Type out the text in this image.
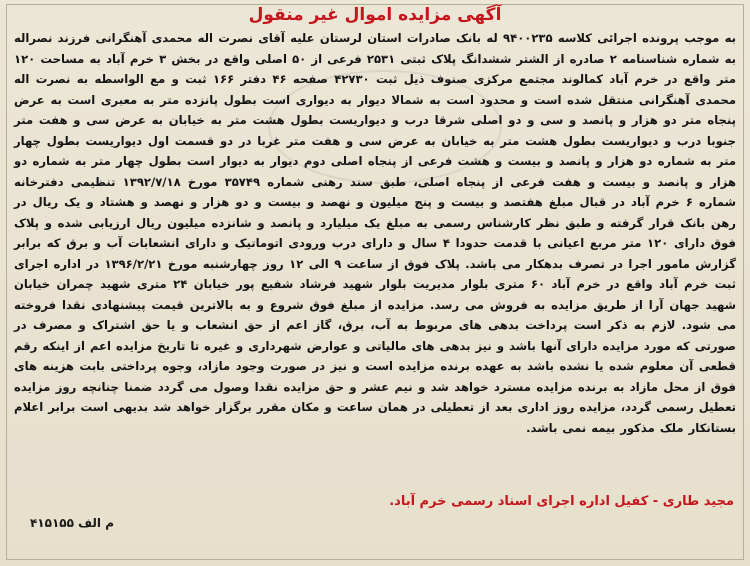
آگهی مزایده اموال غیر منقول
به موجب پرونده اجرائی کلاسه ۹۴۰۰۲۳۵ له بانک صادرات استان لرستان علیه آقای نصرت اله محمدی آهنگرانی فرزند نصراله به شماره شناسنامه ۲ صادره از الشتر ششدانگ پلاک ثبتی ۲۵۳۱ فرعی از ۵۰ اصلی واقع در بخش ۳ خرم آباد به مساحت ۱۲۰ متر واقع در خرم آباد کمالوند مجتمع مرکزی صنوف ذیل ثبت ۴۲۷۳۰ صفحه ۴۶ دفتر ۱۶۶ ثبت و مع الواسطه به نصرت اله محمدی آهنگرانی منتقل شده است و محدود است به شمالا دیوار به دیواری است بطول پانزده متر به معبری است به عرض پنجاه متر دو هزار و پانصد و سی و دو اصلی شرقا درب و دیواریست بطول هشت متر به خیابان به عرض سی و هفت متر جنوبا درب و دیواریست بطول هشت متر به خیابان به عرض سی و هفت متر غربا در دو قسمت اول دیواریست بطول چهار متر به شماره دو هزار و پانصد و بیست و هشت فرعی از پنجاه اصلی دوم دیوار به دیوار است بطول چهار متر به شماره دو هزار و پانصد و بیست و هفت فرعی از پنجاه اصلی، طبق سند رهنی شماره ۳۵۷۴۹ مورخ ۱۳۹۲/۷/۱۸ تنظیمی دفترخانه شماره ۶ خرم آباد در قبال مبلغ هفتصد و بیست و پنج میلیون و نهصد و بیست و دو هزار و نهصد و هشتاد و یک ریال در رهن بانک قرار گرفته و طبق نظر کارشناس رسمی به مبلغ یک میلیارد و پانصد و شانزده میلیون ریال ارزیابی شده و پلاک فوق دارای ۱۲۰ متر مربع اعیانی با قدمت حدودا ۴ سال و دارای درب ورودی اتوماتیک و دارای انشعابات آب و برق که برابر گزارش مامور اجرا در تصرف بدهکار می باشد. پلاک فوق از ساعت ۹ الی ۱۲ روز چهارشنبه مورخ ۱۳۹۶/۲/۲۱ در اداره اجرای ثبت خرم آباد واقع در خرم آباد ۶۰ متری بلوار مدیریت بلوار شهید فرشاد شفیع پور خیابان ۲۴ متری شهید چمران خیابان شهید جهان آرا از طریق مزایده به فروش می رسد. مزایده از مبلغ فوق شروع و به بالاترین قیمت پیشنهادی نقدا فروخته می شود. لازم به ذکر است پرداخت بدهی های مربوط به آب، برق، گاز اعم از حق انشعاب و یا حق اشتراک و مصرف در صورتی که مورد مزایده دارای آنها باشد و نیز بدهی های مالیاتی و عوارض شهرداری و غیره تا تاریخ مزایده اعم از اینکه رقم قطعی آن معلوم شده یا نشده باشد به عهده برنده مزایده است و نیز در صورت وجود مازاد، وجوه پرداختی بابت هزینه های فوق از محل مازاد به برنده مزایده مسترد خواهد شد و نیم عشر و حق مزایده نقدا وصول می گردد ضمنا چنانچه روز مزایده تعطیل رسمی گردد، مزایده روز اداری بعد از تعطیلی در همان ساعت و مکان مقرر برگزار خواهد شد بدیهی است برابر اعلام بستانکار ملک مذکور بیمه نمی باشد.
مجید طاری - کفیل اداره اجرای اسناد رسمی خرم آباد.
م الف ۴۱۵۱۵۵
